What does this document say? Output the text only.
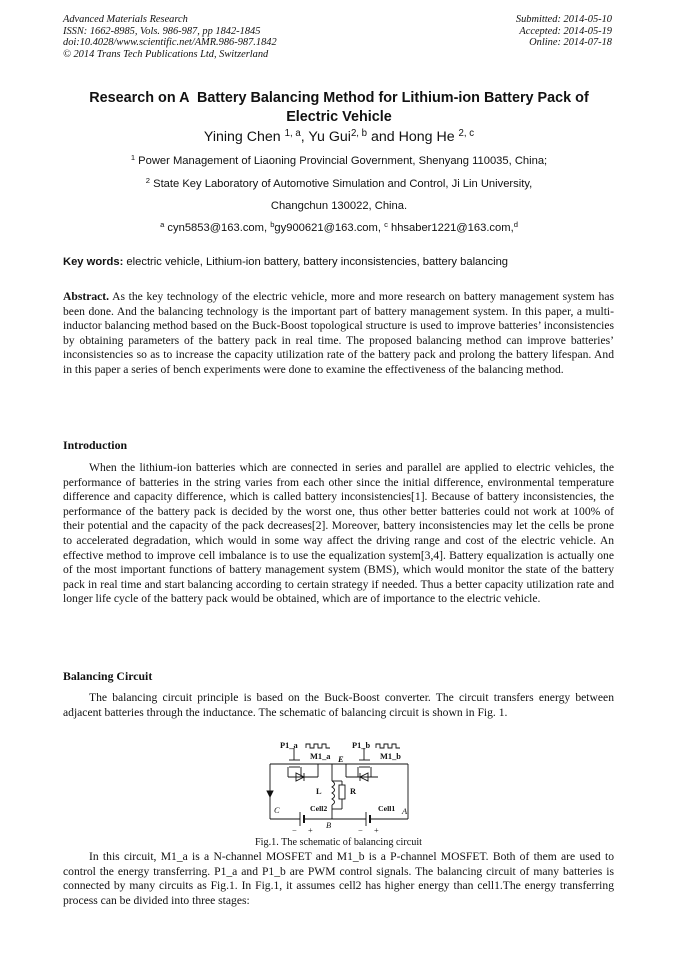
Advanced Materials Research
ISSN: 1662-8985, Vols. 986-987, pp 1842-1845
doi:10.4028/www.scientific.net/AMR.986-987.1842
© 2014 Trans Tech Publications Ltd, Switzerland
Submitted: 2014-05-10
Accepted: 2014-05-19
Online: 2014-07-18
Research on A  Battery Balancing Method for Lithium-ion Battery Pack of
Electric Vehicle
Yining Chen $^{1, a}$, Yu Gui$^{2, b}$ and Hong He $^{2, c}$
$^1$ Power Management of Liaoning Provincial Government, Shenyang 110035, China;
$^2$ State Key Laboratory of Automotive Simulation and Control, Ji Lin University,
Changchun 130022, China.
$^a$ cyn5853@163.com, $^b$gy900621@163.com, $^c$ hhsaber1221@163.com,$^d$
Key words: electric vehicle, Lithium-ion battery, battery inconsistencies, battery balancing
Abstract. As the key technology of the electric vehicle, more and more research on battery management system has been done. And the balancing technology is the important part of battery management system. In this paper, a multi-inductor balancing method based on the Buck-Boost topological structure is used to improve batteries’ inconsistencies by obtaining parameters of the battery pack in real time. The proposed balancing method can improve batteries’ inconsistencies so as to increase the capacity utilization rate of the battery pack and prolong the battery lifespan. And in this paper a series of bench experiments were done to examine the effectiveness of the balancing method.
Introduction
When the lithium-ion batteries which are connected in series and parallel are applied to electric vehicles, the performance of batteries in the string varies from each other since the initial difference, environmental temperature difference and capacity difference, which is called battery inconsistencies[1]. Because of battery inconsistencies, the performance of the battery pack is decided by the worst one, thus other better batteries could not work at 100% of their potential and the capacity of the pack decreases[2]. Moreover, battery inconsistencies may let the cells be prone to accelerated degradation, which would in some way affect the driving range and cost of the electric vehicle. An effective method to improve cell imbalance is to use the equalization system[3,4]. Battery equalization is actually one of the most important functions of battery management system (BMS), which would monitor the state of the battery pack in real time and start balancing according to certain strategy if needed. Thus a better capacity utilization rate and longer life cycle of the battery pack would be obtained, which are of importance to the electric vehicle.
Balancing Circuit
The balancing circuit principle is based on the Buck-Boost converter. The circuit transfers energy between adjacent batteries through the inductance. The schematic of balancing circuit is shown in Fig. 1.
P1_a	P1_b
M1_a	M1_b
E
L	R
C	Cell2
B
Cell1 A
− +	− +
Fig.1. The schematic of balancing circuit
In this circuit, M1_a is a N-channel MOSFET and M1_b is a P-channel MOSFET. Both of them are used to control the energy transferring. P1_a and P1_b are PWM control signals. The balancing circuit of many batteries is connected by many circuits as Fig.1. In Fig.1, it assumes cell2 has higher energy than cell1.The energy transferring process can be divided into three stages:
